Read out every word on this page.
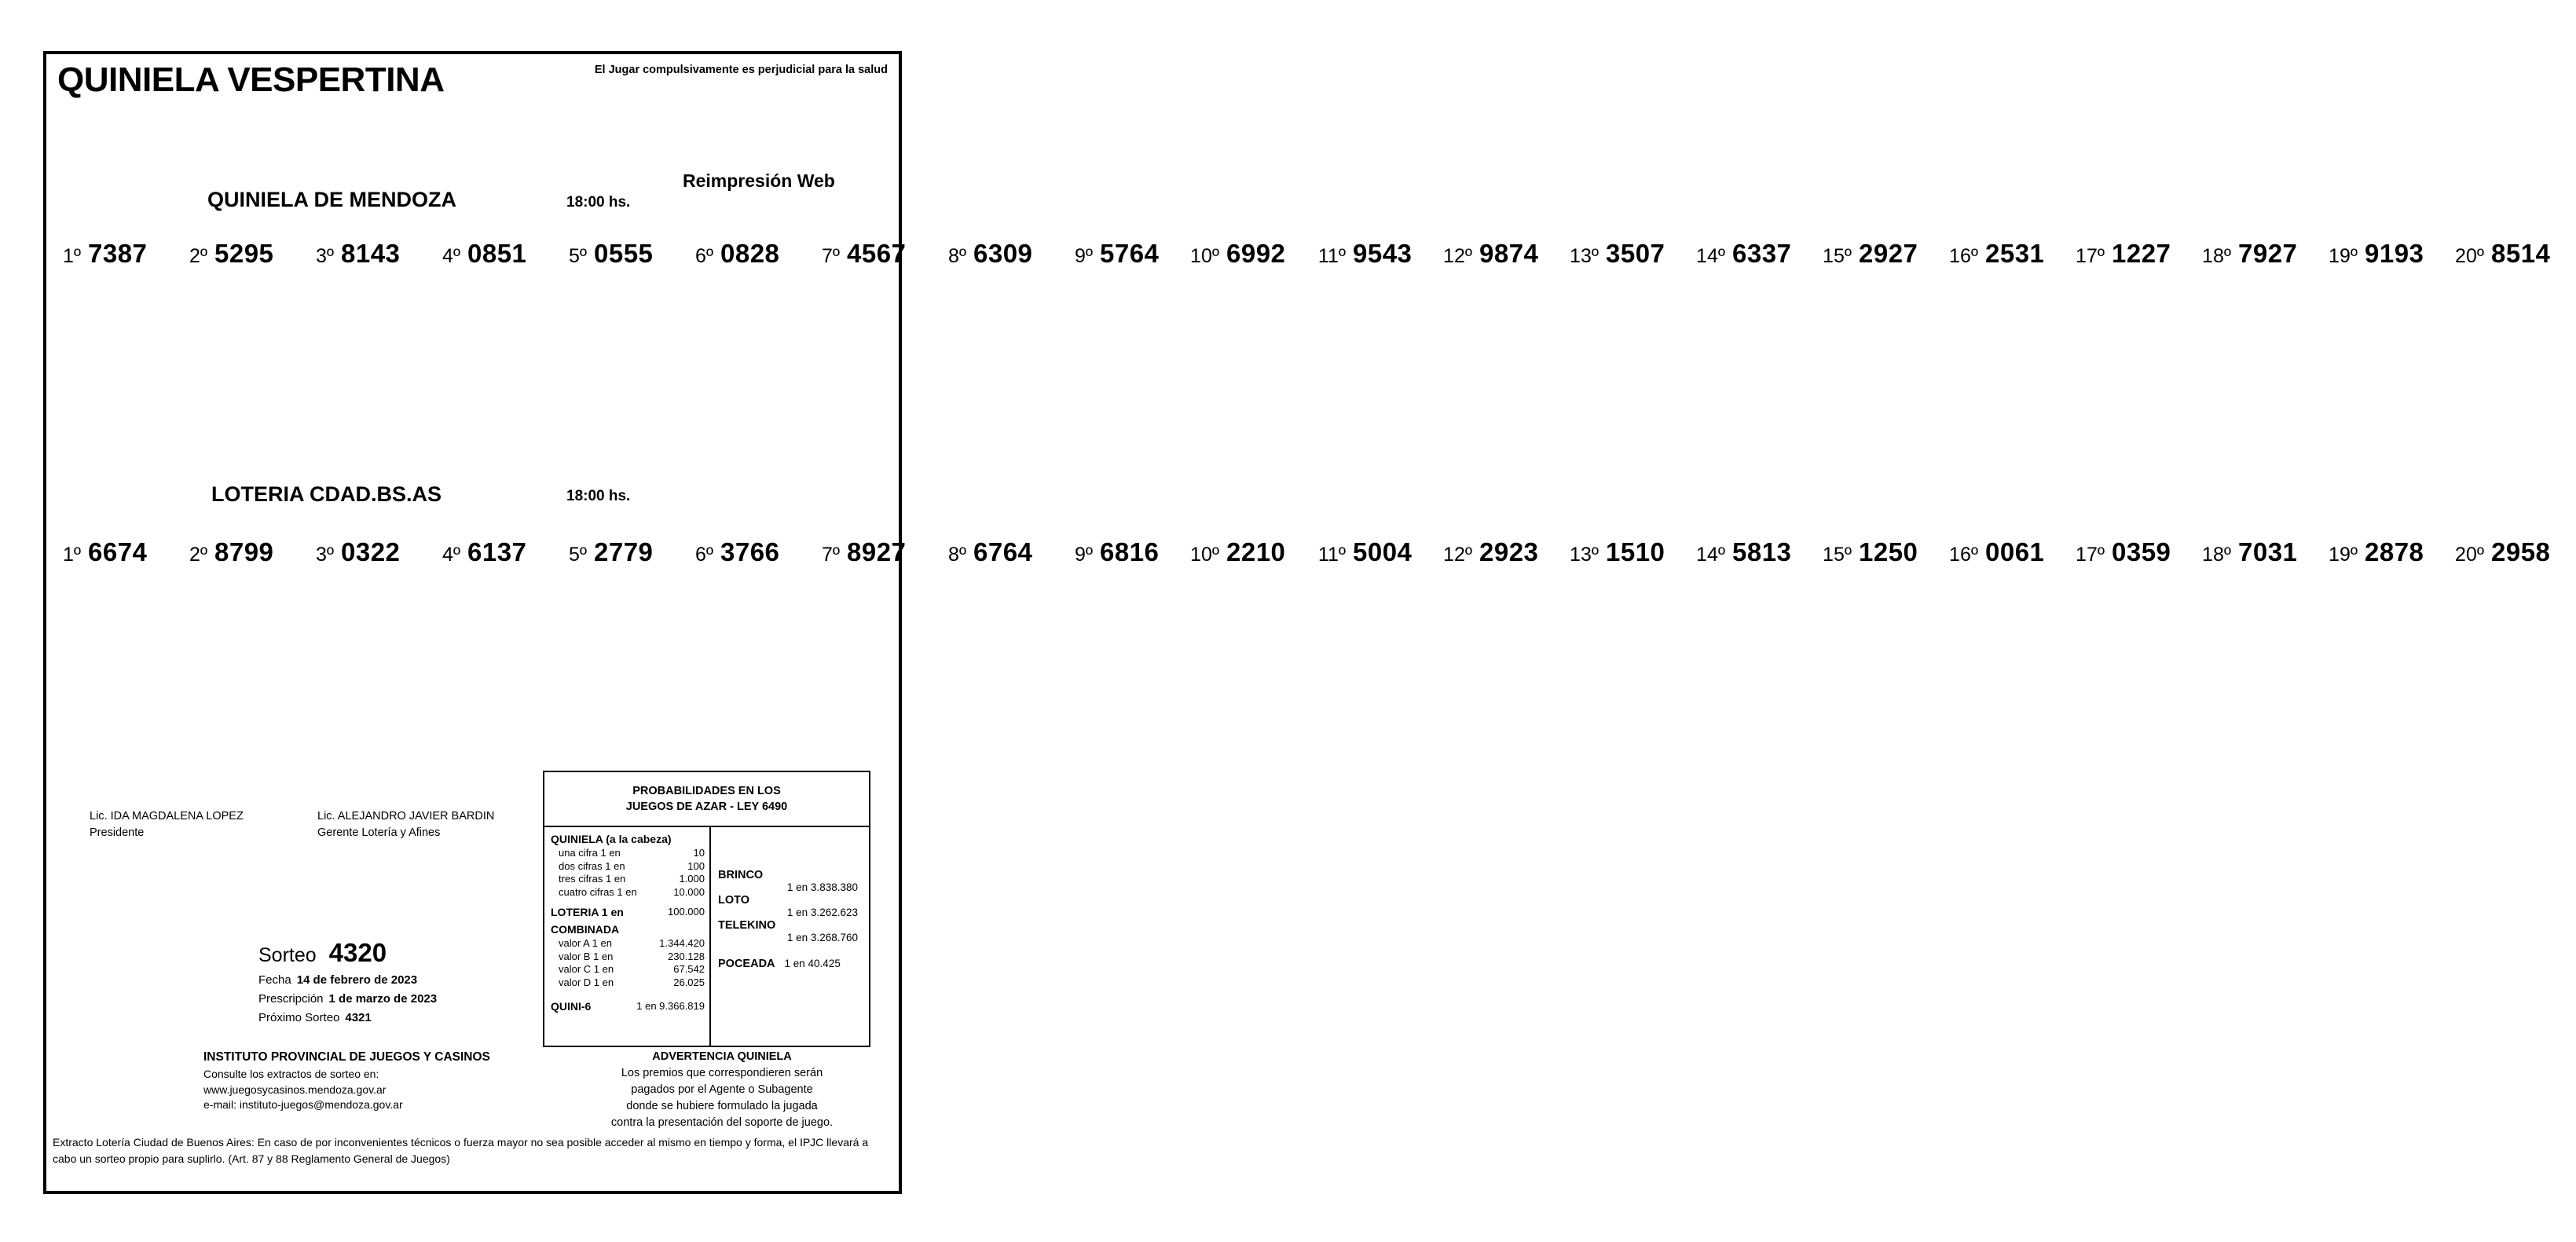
QUINIELA VESPERTINA	El Jugar compulsivamente es perjudicial para la salud
QUINIELA DE MENDOZA	18:00 hs.
Reimpresión Web
1º 7387	2º 5295	3º 8143	4º 0851	5º 0555	6º 0828	7º 4567	8º 6309	9º 5764	10º 6992	11º 9543	12º 9874	13º 3507	14º 6337	15º 2927	16º 2531	17º 1227	18º 7927	19º 9193	20º 8514
LOTERIA CDAD.BS.AS	18:00 hs.
1º 6674	2º 8799	3º 0322	4º 6137	5º 2779	6º 3766	7º 8927	8º 6764	9º 6816	10º 2210	11º 5004	12º 2923	13º 1510	14º 5813	15º 1250	16º 0061	17º 0359	18º 7031	19º 2878	20º 2958
Lic. IDA MAGDALENA LOPEZ
Presidente
Lic. ALEJANDRO JAVIER BARDIN
Gerente Lotería y Afines
Sorteo 4320
Fecha 14 de febrero de 2023
Prescripción 1 de marzo de 2023
Próximo Sorteo 4321
PROBABILIDADES EN LOS
JUEGOS DE AZAR - LEY 6490
QUINIELA (a la cabeza)
una cifra 1 en	10
dos cifras 1 en	100
tres cifras 1 en	1.000
cuatro cifras 1 en	10.000
LOTERIA 1 en	100.000
COMBINADA
valor A 1 en	1.344.420
valor B 1 en	230.128
valor C 1 en	67.542
valor D 1 en	26.025
QUINI-6	1 en 9.366.819
BRINCO
1 en 3.838.380
LOTO
1 en 3.262.623
TELEKINO
1 en 3.268.760
POCEADA 1 en 40.425
INSTITUTO PROVINCIAL DE JUEGOS Y CASINOS
Consulte los extractos de sorteo en:
www.juegosycasinos.mendoza.gov.ar
e-mail: instituto-juegos@mendoza.gov.ar
ADVERTENCIA QUINIELA
Los premios que correspondieren serán
pagados por el Agente o Subagente
donde se hubiere formulado la jugada
contra la presentación del soporte de juego.
Extracto Lotería Ciudad de Buenos Aires: En caso de por inconvenientes técnicos o fuerza mayor no sea posible acceder al mismo en tiempo y forma, el IPJC llevará a cabo un sorteo propio para suplirlo. (Art. 87 y 88 Reglamento General de Juegos)
